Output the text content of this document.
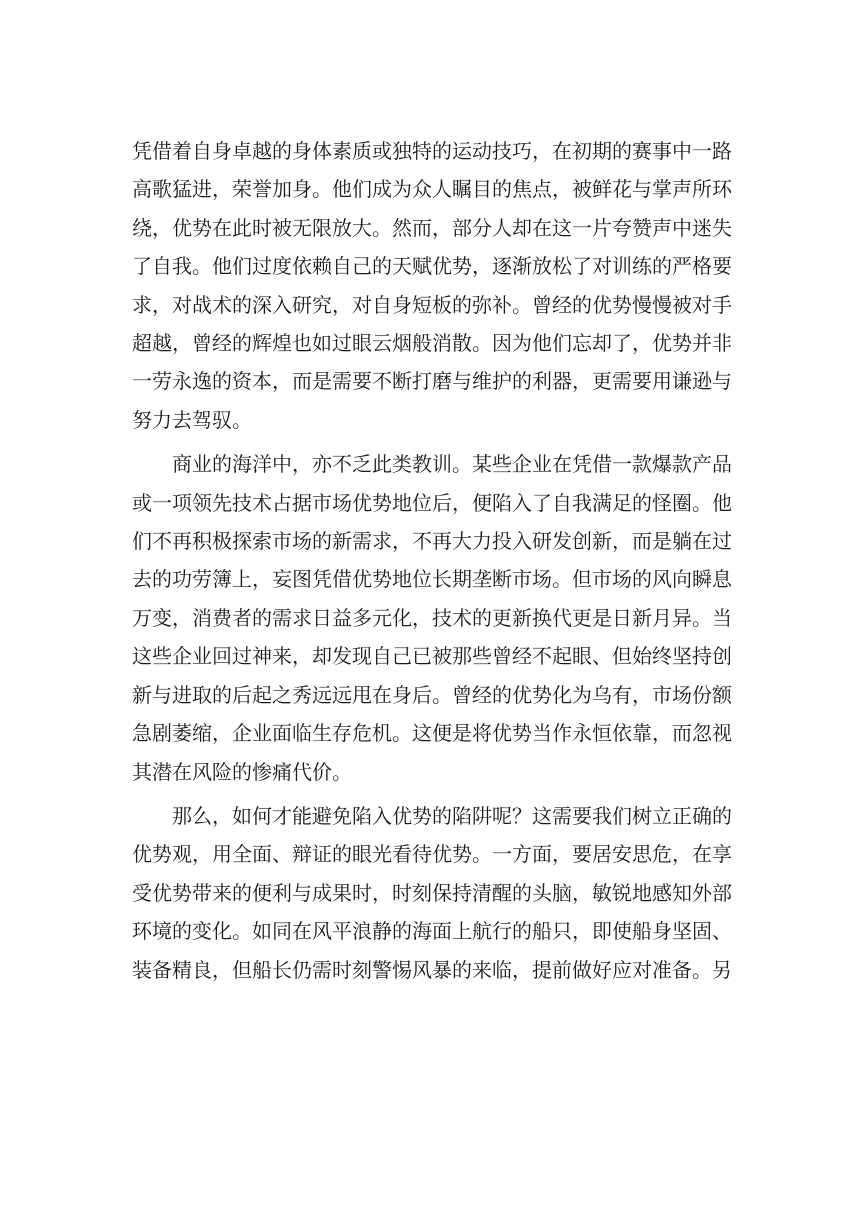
凭借着自身卓越的身体素质或独特的运动技巧，在初期的赛事中一路高歌猛进，荣誉加身。他们成为众人瞩目的焦点，被鲜花与掌声所环绕，优势在此时被无限放大。然而，部分人却在这一片夸赞声中迷失了自我。他们过度依赖自己的天赋优势，逐渐放松了对训练的严格要求，对战术的深入研究，对自身短板的弥补。曾经的优势慢慢被对手超越，曾经的辉煌也如过眼云烟般消散。因为他们忘却了，优势并非一劳永逸的资本，而是需要不断打磨与维护的利器，更需要用谦逊与努力去驾驭。

商业的海洋中，亦不乏此类教训。某些企业在凭借一款爆款产品或一项领先技术占据市场优势地位后，便陷入了自我满足的怪圈。他们不再积极探索市场的新需求，不再大力投入研发创新，而是躺在过去的功劳簿上，妄图凭借优势地位长期垄断市场。但市场的风向瞬息万变，消费者的需求日益多元化，技术的更新换代更是日新月异。当这些企业回过神来，却发现自己已被那些曾经不起眼、但始终坚持创新与进取的后起之秀远远甩在身后。曾经的优势化为乌有，市场份额急剧萎缩，企业面临生存危机。这便是将优势当作永恒依靠，而忽视其潜在风险的惨痛代价。

那么，如何才能避免陷入优势的陷阱呢？这需要我们树立正确的优势观，用全面、辩证的眼光看待优势。一方面，要居安思危，在享受优势带来的便利与成果时，时刻保持清醒的头脑，敏锐地感知外部环境的变化。如同在风平浪静的海面上航行的船只，即使船身坚固、装备精良，但船长仍需时刻警惕风暴的来临，提前做好应对准备。另
